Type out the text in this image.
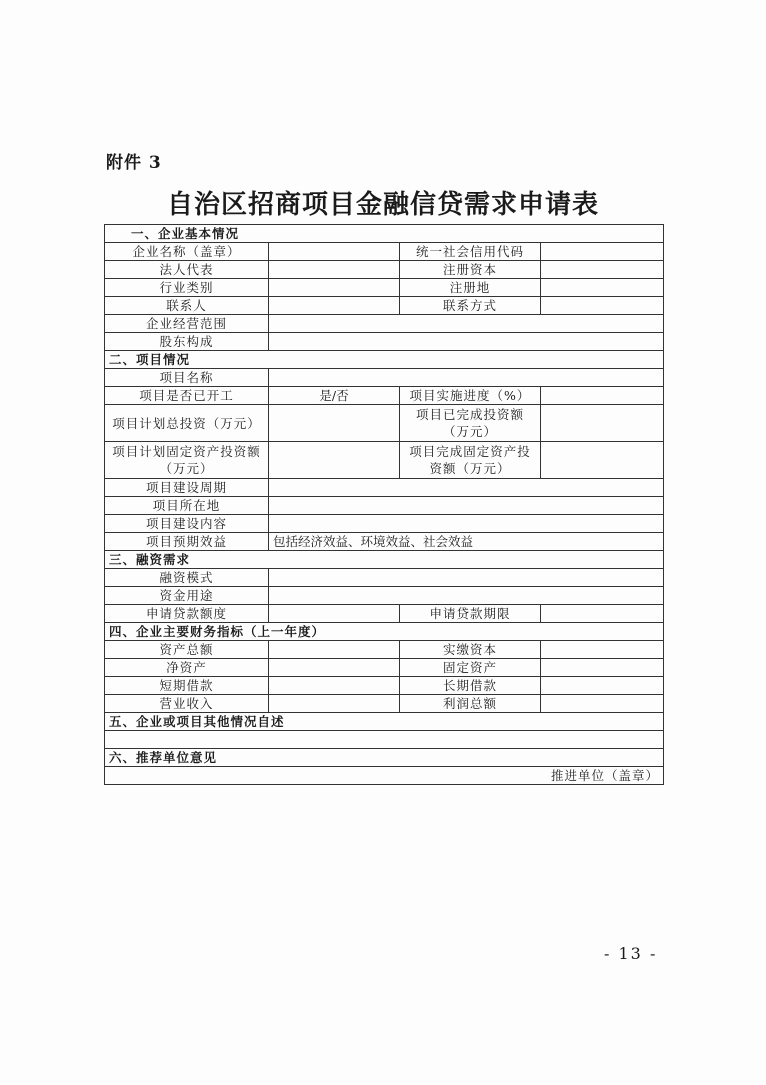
附件 3
自治区招商项目金融信贷需求申请表
一、企业基本情况			
企业名称（盖章）		统一社会信用代码	
法人代表		注册资本	
行业类别		注册地	
联系人		联系方式	
企业经营范围			
股东构成			
二、项目情况			
项目名称			
项目是否已开工	是/否	项目实施进度（%）	
项目计划总投资（万元）		项目已完成投资额（万元）	
项目计划固定资产投资额（万元）		项目完成固定资产投资额（万元）	
项目建设周期			
项目所在地			
项目建设内容			
项目预期效益	包括经济效益、环境效益、社会效益		
三、融资需求			
融资模式			
资金用途			
申请贷款额度		申请贷款期限	
四、企业主要财务指标（上一年度）			
资产总额		实缴资本	
净资产		固定资产	
短期借款		长期借款	
营业收入		利润总额	
五、企业或项目其他情况自述			

六、推荐单位意见			
推进单位（盖章）			
- 13 -
